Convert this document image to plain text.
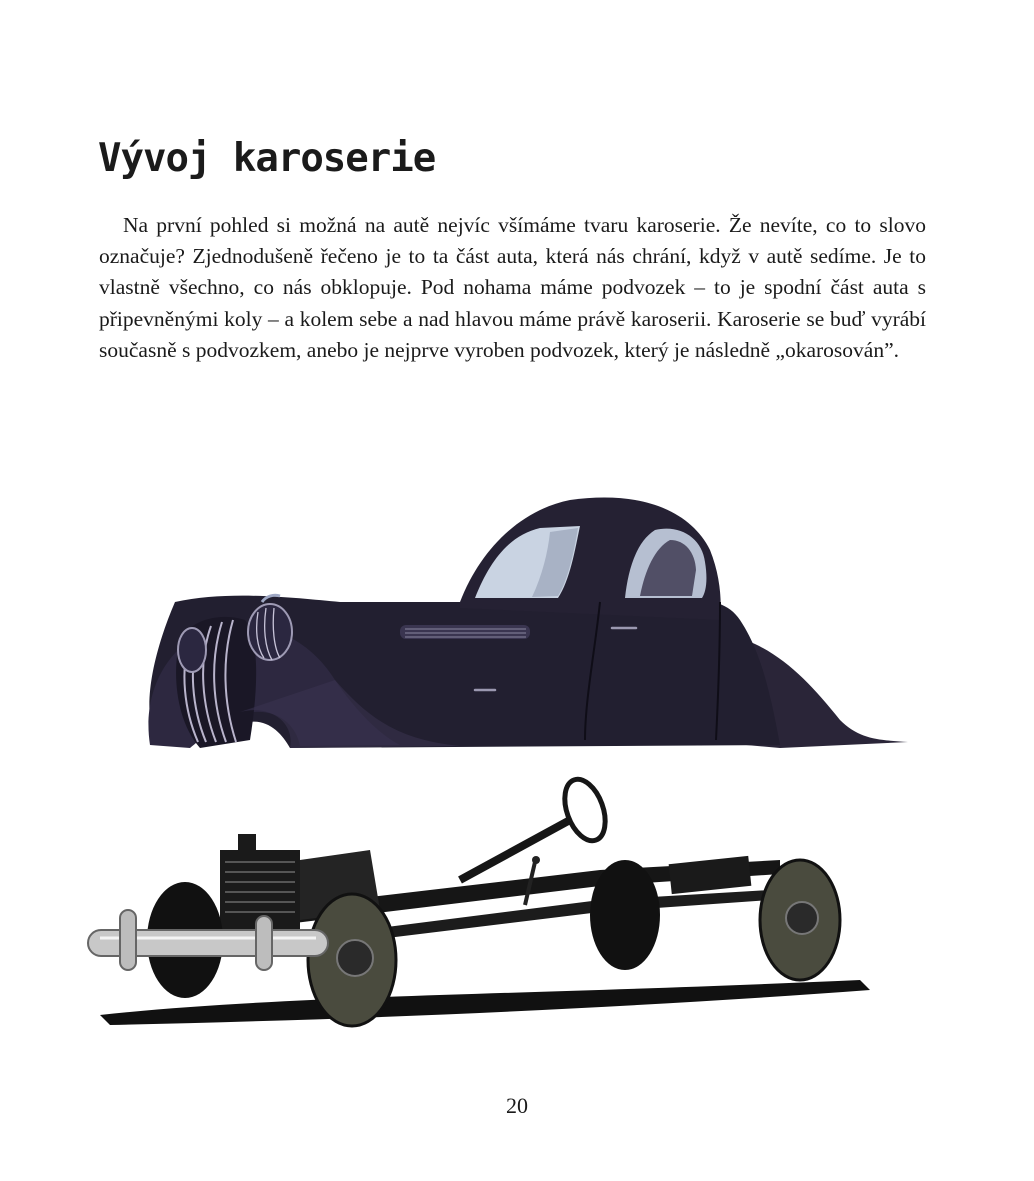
Vývoj karoserie

Na první pohled si možná na autě nejvíc všímáme tvaru karoserie. Že nevíte, co to slovo označuje? Zjednodušeně řečeno je to ta část auta, která nás chrání, když v autě sedíme. Je to vlastně všechno, co nás obklopuje. Pod nohama máme podvozek – to je spodní část auta s připevněnými koly – a kolem sebe a nad hlavou máme právě karoserii. Karoserie se buď vyrábí současně s podvozkem, anebo je nejprve vyroben podvozek, který je následně „okarosován”.

20
